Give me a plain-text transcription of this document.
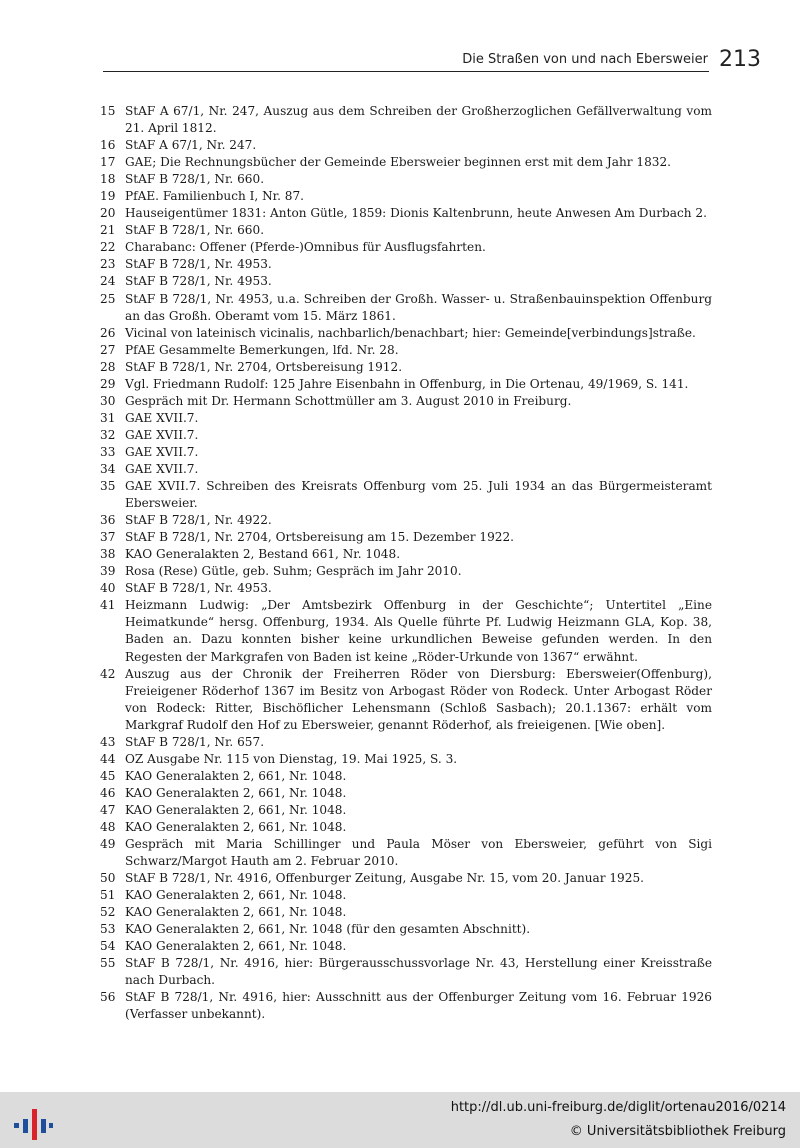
Die Straßen von und nach Ebersweier 213
15 StAF A 67/1, Nr. 247, Auszug aus dem Schreiben der Großherzoglichen Gefällverwaltung vom 21. April 1812.
16 StAF A 67/1, Nr. 247.
17 GAE; Die Rechnungsbücher der Gemeinde Ebersweier beginnen erst mit dem Jahr 1832.
18 StAF B 728/1, Nr. 660.
19 PfAE. Familienbuch I, Nr. 87.
20 Hauseigentümer 1831: Anton Gütle, 1859: Dionis Kaltenbrunn, heute Anwesen Am Durbach 2.
21 StAF B 728/1, Nr. 660.
22 Charabanc: Offener (Pferde-)Omnibus für Ausflugsfahrten.
23 StAF B 728/1, Nr. 4953.
24 StAF B 728/1, Nr. 4953.
25 StAF B 728/1, Nr. 4953, u.a. Schreiben der Großh. Wasser- u. Straßenbauinspektion Offenburg an das Großh. Oberamt vom 15. März 1861.
26 Vicinal von lateinisch vicinalis, nachbarlich/benachbart; hier: Gemeinde[verbindungs]straße.
27 PfAE Gesammelte Bemerkungen, lfd. Nr. 28.
28 StAF B 728/1, Nr. 2704, Ortsbereisung 1912.
29 Vgl. Friedmann Rudolf: 125 Jahre Eisenbahn in Offenburg, in Die Ortenau, 49/1969, S. 141.
30 Gespräch mit Dr. Hermann Schottmüller am 3. August 2010 in Freiburg.
31 GAE XVII.7.
32 GAE XVII.7.
33 GAE XVII.7.
34 GAE XVII.7.
35 GAE XVII.7. Schreiben des Kreisrats Offenburg vom 25. Juli 1934 an das Bürgermeisteramt Ebersweier.
36 StAF B 728/1, Nr. 4922.
37 StAF B 728/1, Nr. 2704, Ortsbereisung am 15. Dezember 1922.
38 KAO Generalakten 2, Bestand 661, Nr. 1048.
39 Rosa (Rese) Gütle, geb. Suhm; Gespräch im Jahr 2010.
40 StAF B 728/1, Nr. 4953.
41 Heizmann Ludwig: „Der Amtsbezirk Offenburg in der Geschichte“; Untertitel „Eine Heimatkunde“ hersg. Offenburg, 1934. Als Quelle führte Pf. Ludwig Heizmann GLA, Kop. 38, Baden an. Dazu konnten bisher keine urkundlichen Beweise gefunden werden. In den Regesten der Markgrafen von Baden ist keine „Röder-Urkunde von 1367“ erwähnt.
42 Auszug aus der Chronik der Freiherren Röder von Diersburg: Ebersweier(Offenburg), Freieigener Röderhof 1367 im Besitz von Arbogast Röder von Rodeck. Unter Arbogast Röder von Rodeck: Ritter, Bischöflicher Lehensmann (Schloß Sasbach); 20.1.1367: erhält vom Markgraf Rudolf den Hof zu Ebersweier, genannt Röderhof, als freieigenen. [Wie oben].
43 StAF B 728/1, Nr. 657.
44 OZ Ausgabe Nr. 115 von Dienstag, 19. Mai 1925, S. 3.
45 KAO Generalakten 2, 661, Nr. 1048.
46 KAO Generalakten 2, 661, Nr. 1048.
47 KAO Generalakten 2, 661, Nr. 1048.
48 KAO Generalakten 2, 661, Nr. 1048.
49 Gespräch mit Maria Schillinger und Paula Möser von Ebersweier, geführt von Sigi Schwarz/Margot Hauth am 2. Februar 2010.
50 StAF B 728/1, Nr. 4916, Offenburger Zeitung, Ausgabe Nr. 15, vom 20. Januar 1925.
51 KAO Generalakten 2, 661, Nr. 1048.
52 KAO Generalakten 2, 661, Nr. 1048.
53 KAO Generalakten 2, 661, Nr. 1048 (für den gesamten Abschnitt).
54 KAO Generalakten 2, 661, Nr. 1048.
55 StAF B 728/1, Nr. 4916, hier: Bürgerausschussvorlage Nr. 43, Herstellung einer Kreisstraße nach Durbach.
56 StAF B 728/1, Nr. 4916, hier: Ausschnitt aus der Offenburger Zeitung vom 16. Februar 1926 (Verfasser unbekannt).
http://dl.ub.uni-freiburg.de/diglit/ortenau2016/0214
© Universitätsbibliothek Freiburg
